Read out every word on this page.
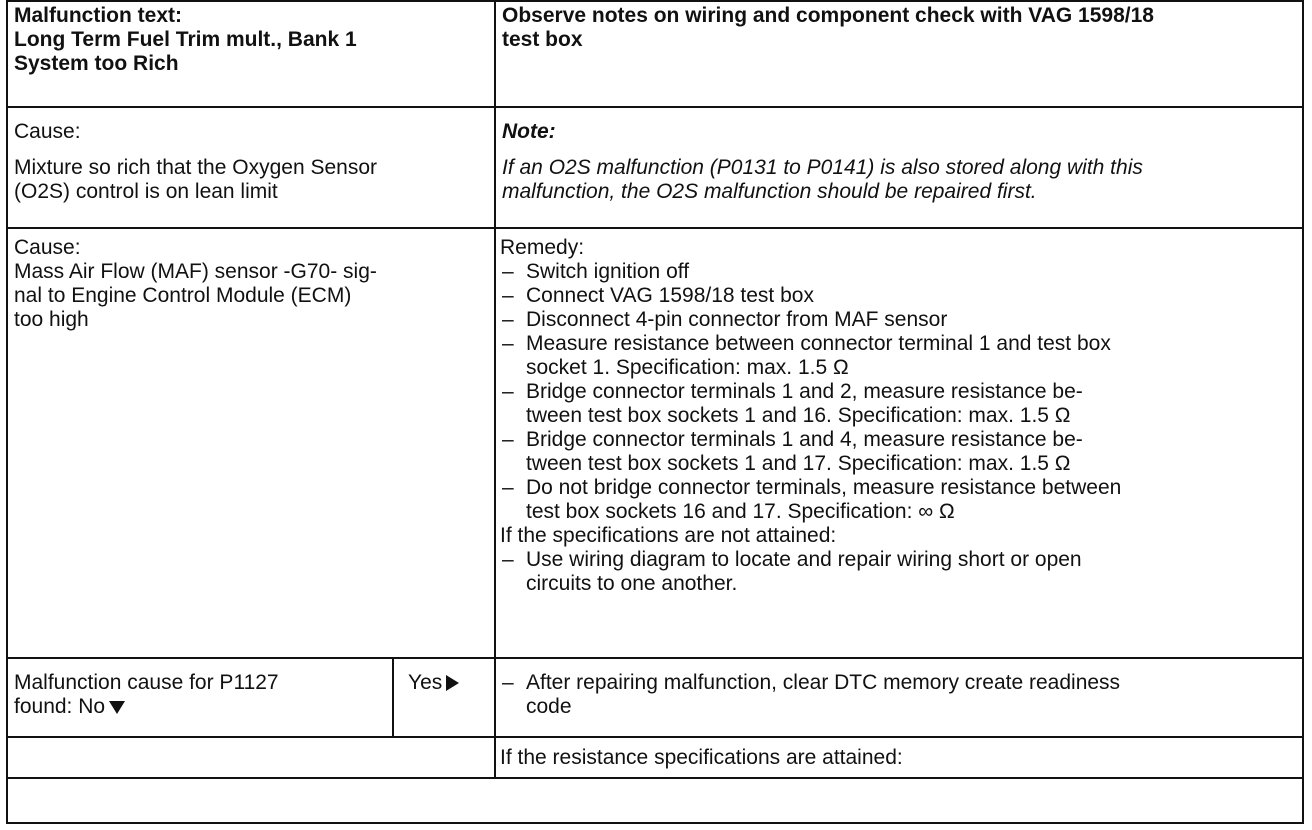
Malfunction text:
Long Term Fuel Trim mult., Bank 1
System too Rich
Observe notes on wiring and component check with VAG 1598/18
test box
Cause:
Mixture so rich that the Oxygen Sensor
(O2S) control is on lean limit
Note:
If an O2S malfunction (P0131 to P0141) is also stored along with this
malfunction, the O2S malfunction should be repaired first.
Cause:
Mass Air Flow (MAF) sensor -G70- sig-
nal to Engine Control Module (ECM)
too high
Remedy:
– Switch ignition off
– Connect VAG 1598/18 test box
– Disconnect 4-pin connector from MAF sensor
– Measure resistance between connector terminal 1 and test box
socket 1. Specification: max. 1.5 Ω
– Bridge connector terminals 1 and 2, measure resistance be-
tween test box sockets 1 and 16. Specification: max. 1.5 Ω
– Bridge connector terminals 1 and 4, measure resistance be-
tween test box sockets 1 and 17. Specification: max. 1.5 Ω
– Do not bridge connector terminals, measure resistance between
test box sockets 16 and 17. Specification: ∞ Ω
If the specifications are not attained:
– Use wiring diagram to locate and repair wiring short or open
circuits to one another.
Malfunction cause for P1127
found: No
Yes	– After repairing malfunction, clear DTC memory create readiness
code
If the resistance specifications are attained:
